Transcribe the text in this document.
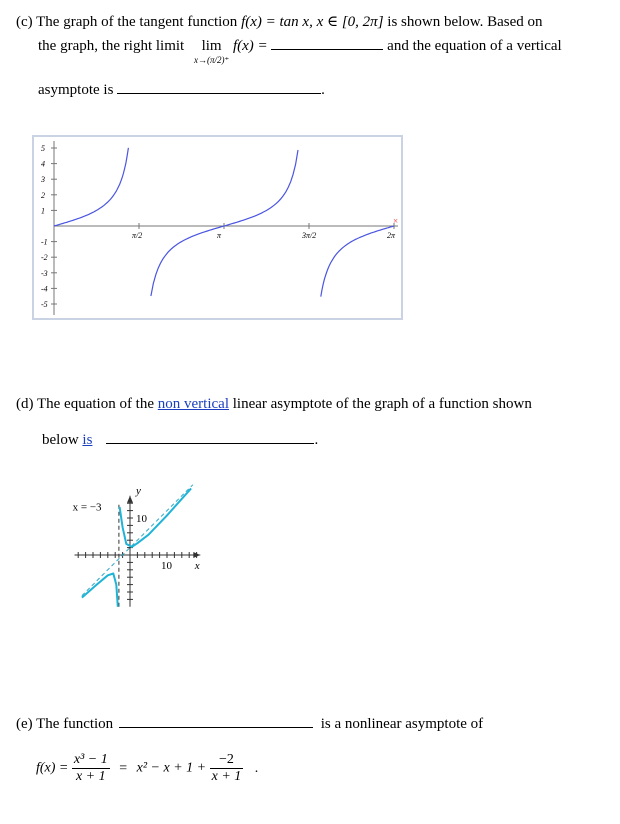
(c) The graph of the tangent function f(x) = tan x, x ∈ [0, 2π] is shown below. Based on
the graph, the right limit lim
x→(π/2)⁺
f(x) =	and the equation of a vertical
asymptote is	.
5
4
3
2
1
-1
-2
-3
-4
-5
π/2	π	3π/2	2π
×
(d) The equation of the non vertical linear asymptote of the graph of a function shown
below is	.
y
x
x = −3
10
10
(e) The function	is a nonlinear asymptote of
$f(x) = \frac{\text{x³ − 1}}{x + 1} = x^2 - x + 1 + \frac{-2}{x + 1}$ .
